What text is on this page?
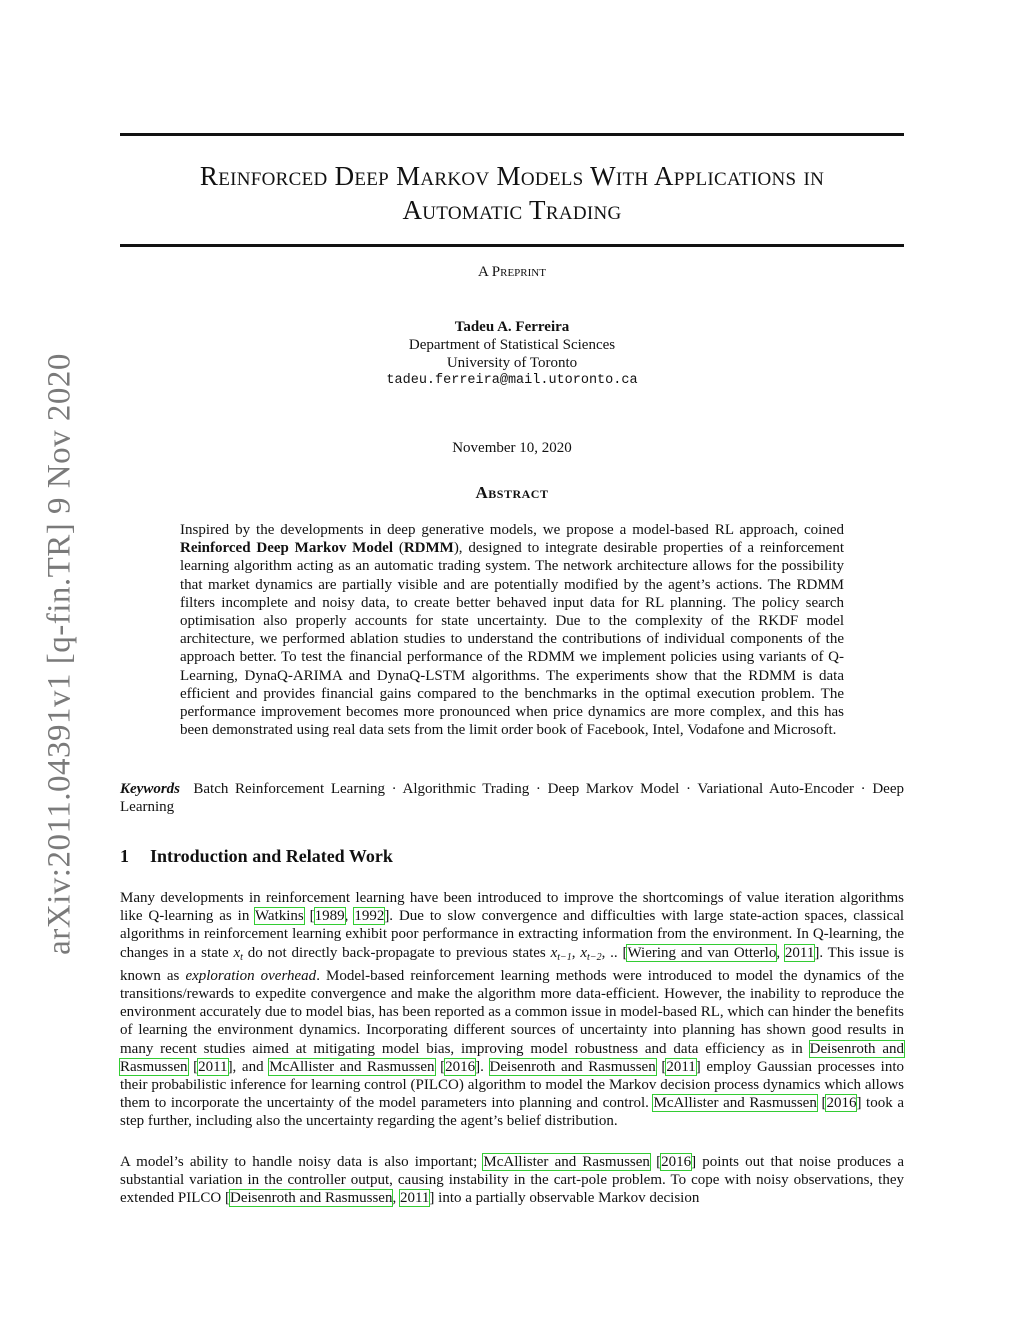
Reinforced Deep Markov Models With Applications in
Automatic Trading
A Preprint
Tadeu A. Ferreira
Department of Statistical Sciences
University of Toronto
tadeu.ferreira@mail.utoronto.ca
November 10, 2020
Abstract

Inspired by the developments in deep generative models, we propose a model-based RL approach, coined Reinforced Deep Markov Model (RDMM), designed to integrate desirable properties of a reinforcement learning algorithm acting as an automatic trading system. The network architecture allows for the possibility that market dynamics are partially visible and are potentially modified by the agent’s actions. The RDMM filters incomplete and noisy data, to create better behaved input data for RL planning. The policy search optimisation also properly accounts for state uncertainty. Due to the complexity of the RKDF model architecture, we performed ablation studies to understand the contributions of individual components of the approach better. To test the financial performance of the RDMM we implement policies using variants of Q-Learning, DynaQ-ARIMA and DynaQ-LSTM algorithms. The experiments show that the RDMM is data efficient and provides financial gains compared to the benchmarks in the optimal execution problem. The performance improvement becomes more pronounced when price dynamics are more complex, and this has been demonstrated using real data sets from the limit order book of Facebook, Intel, Vodafone and Microsoft.

Keywords Batch Reinforcement Learning · Algorithmic Trading · Deep Markov Model · Variational Auto-Encoder · Deep Learning

1 Introduction and Related Work

Many developments in reinforcement learning have been introduced to improve the shortcomings of value iteration algorithms like Q-learning as in Watkins [1989, 1992]. Due to slow convergence and difficulties with large state-action spaces, classical algorithms in reinforcement learning exhibit poor performance in extracting information from the environment. In Q-learning, the changes in a state $x_t$ do not directly back-propagate to previous states $x_{t-1}$, $x_{t-2}$, .. [Wiering and van Otterlo, 2011]. This issue is known as exploration overhead. Model-based reinforcement learning methods were introduced to model the dynamics of the transitions/rewards to expedite convergence and make the algorithm more data-efficient. However, the inability to reproduce the environment accurately due to model bias, has been reported as a common issue in model-based RL, which can hinder the benefits of learning the environment dynamics. Incorporating different sources of uncertainty into planning has shown good results in many recent studies aimed at mitigating model bias, improving model robustness and data efficiency as in Deisenroth and Rasmussen [2011], and McAllister and Rasmussen [2016]. Deisenroth and Rasmussen [2011] employ Gaussian processes into their probabilistic inference for learning control (PILCO) algorithm to model the Markov decision process dynamics which allows them to incorporate the uncertainty of the model parameters into planning and control. McAllister and Rasmussen [2016] took a step further, including also the uncertainty regarding the agent’s belief distribution.

A model’s ability to handle noisy data is also important; McAllister and Rasmussen [2016] points out that noise produces a substantial variation in the controller output, causing instability in the cart-pole problem. To cope with noisy observations, they extended PILCO [Deisenroth and Rasmussen, 2011] into a partially observable Markov decision

arXiv:2011.04391v1 [q-fin.TR] 9 Nov 2020
